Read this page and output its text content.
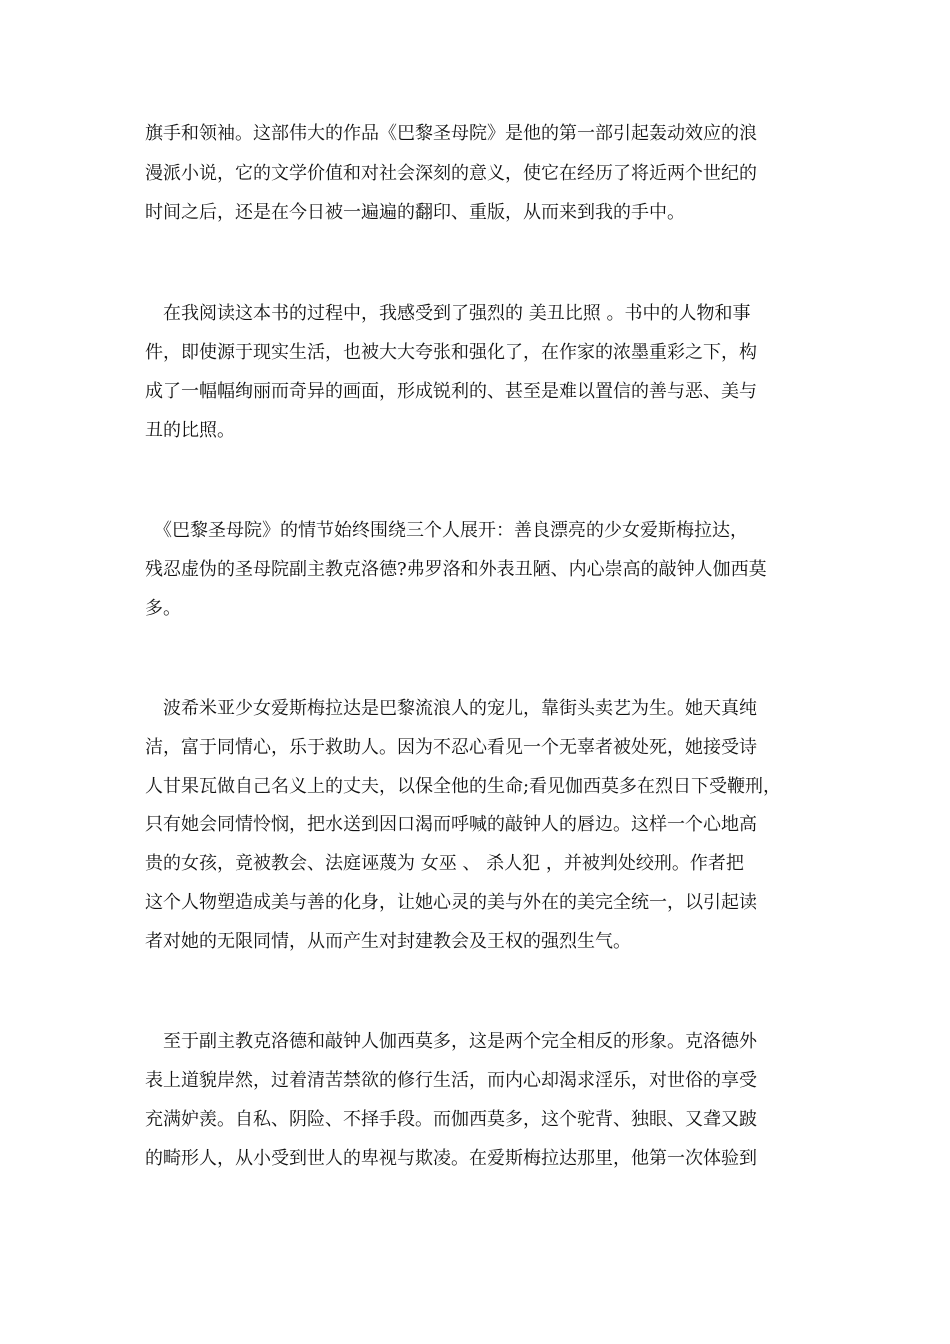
旗手和领袖。这部伟大的作品《巴黎圣母院》是他的第一部引起轰动效应的浪

漫派小说，它的文学价值和对社会深刻的意义，使它在经历了将近两个世纪的

时间之后，还是在今日被一遍遍的翻印、重版，从而来到我的手中。

　在我阅读这本书的过程中，我感受到了强烈的 美丑比照 。书中的人物和事

件，即使源于现实生活，也被大大夸张和强化了，在作家的浓墨重彩之下，构

成了一幅幅绚丽而奇异的画面，形成锐利的、甚至是难以置信的善与恶、美与

丑的比照。

　《巴黎圣母院》的情节始终围绕三个人展开：善良漂亮的少女爱斯梅拉达，

残忍虚伪的圣母院副主教克洛德?弗罗洛和外表丑陋、内心崇高的敲钟人伽西莫

多。

　波希米亚少女爱斯梅拉达是巴黎流浪人的宠儿，靠街头卖艺为生。她天真纯

洁，富于同情心，乐于救助人。因为不忍心看见一个无辜者被处死，她接受诗

人甘果瓦做自己名义上的丈夫，以保全他的生命;看见伽西莫多在烈日下受鞭刑，

只有她会同情怜悯，把水送到因口渴而呼喊的敲钟人的唇边。这样一个心地高

贵的女孩，竟被教会、法庭诬蔑为 女巫 、 杀人犯 ，并被判处绞刑。作者把

这个人物塑造成美与善的化身，让她心灵的美与外在的美完全统一，以引起读

者对她的无限同情，从而产生对封建教会及王权的强烈生气。

　至于副主教克洛德和敲钟人伽西莫多，这是两个完全相反的形象。克洛德外

表上道貌岸然，过着清苦禁欲的修行生活，而内心却渴求淫乐，对世俗的享受

充满妒羡。自私、阴险、不择手段。而伽西莫多，这个驼背、独眼、又聋又跛

的畸形人，从小受到世人的卑视与欺凌。在爱斯梅拉达那里，他第一次体验到
